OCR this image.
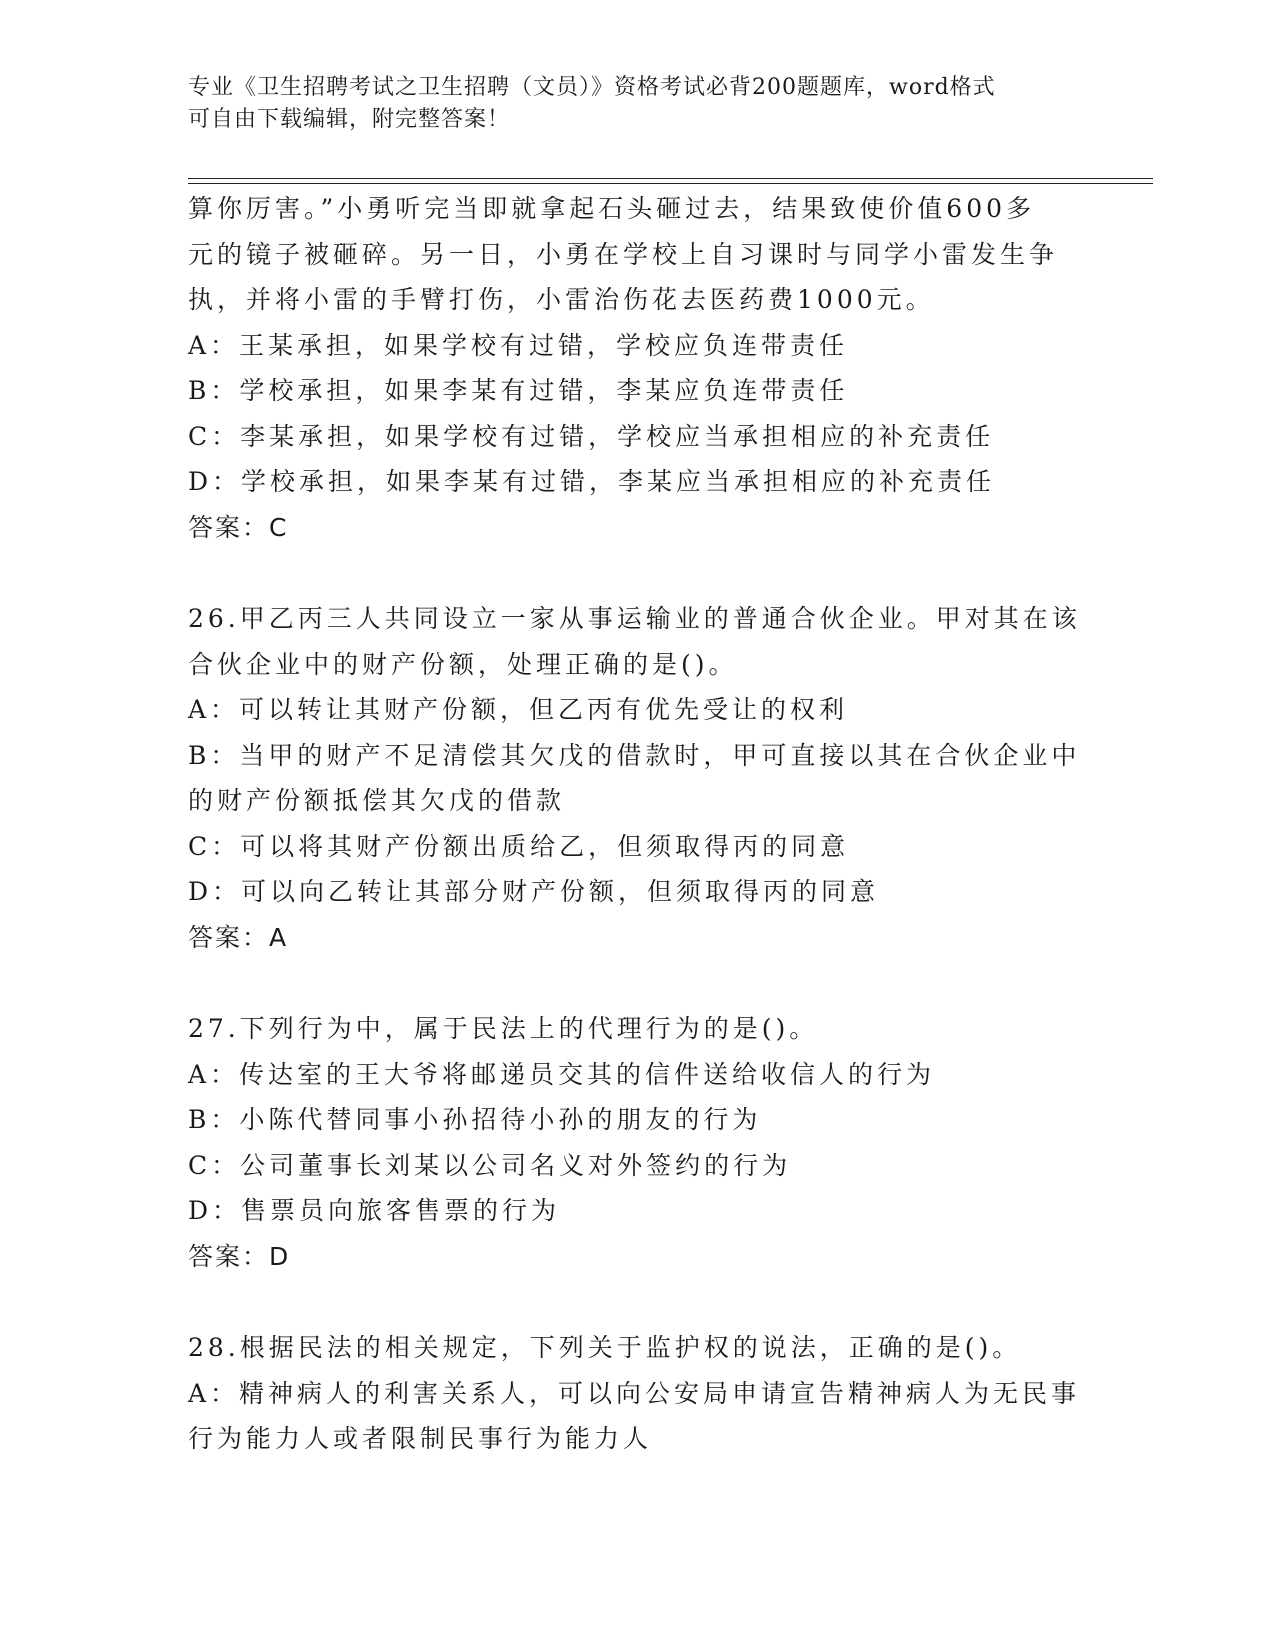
专业《卫生招聘考试之卫生招聘（文员）》资格考试必背200题题库，word格式
可自由下载编辑，附完整答案！
算你厉害。”小勇听完当即就拿起石头砸过去，结果致使价值600多
元的镜子被砸碎。另一日，小勇在学校上自习课时与同学小雷发生争
执，并将小雷的手臂打伤，小雷治伤花去医药费1000元。
A：王某承担，如果学校有过错，学校应负连带责任
B：学校承担，如果李某有过错，李某应负连带责任
C：李某承担，如果学校有过错，学校应当承担相应的补充责任
D：学校承担，如果李某有过错，李某应当承担相应的补充责任
答案：C
26.甲乙丙三人共同设立一家从事运输业的普通合伙企业。甲对其在该
合伙企业中的财产份额，处理正确的是()。
A：可以转让其财产份额，但乙丙有优先受让的权利
B：当甲的财产不足清偿其欠戊的借款时，甲可直接以其在合伙企业中
的财产份额抵偿其欠戊的借款
C：可以将其财产份额出质给乙，但须取得丙的同意
D：可以向乙转让其部分财产份额，但须取得丙的同意
答案：A
27.下列行为中，属于民法上的代理行为的是()。
A：传达室的王大爷将邮递员交其的信件送给收信人的行为
B：小陈代替同事小孙招待小孙的朋友的行为
C：公司董事长刘某以公司名义对外签约的行为
D：售票员向旅客售票的行为
答案：D
28.根据民法的相关规定，下列关于监护权的说法，正确的是()。
A：精神病人的利害关系人，可以向公安局申请宣告精神病人为无民事
行为能力人或者限制民事行为能力人
